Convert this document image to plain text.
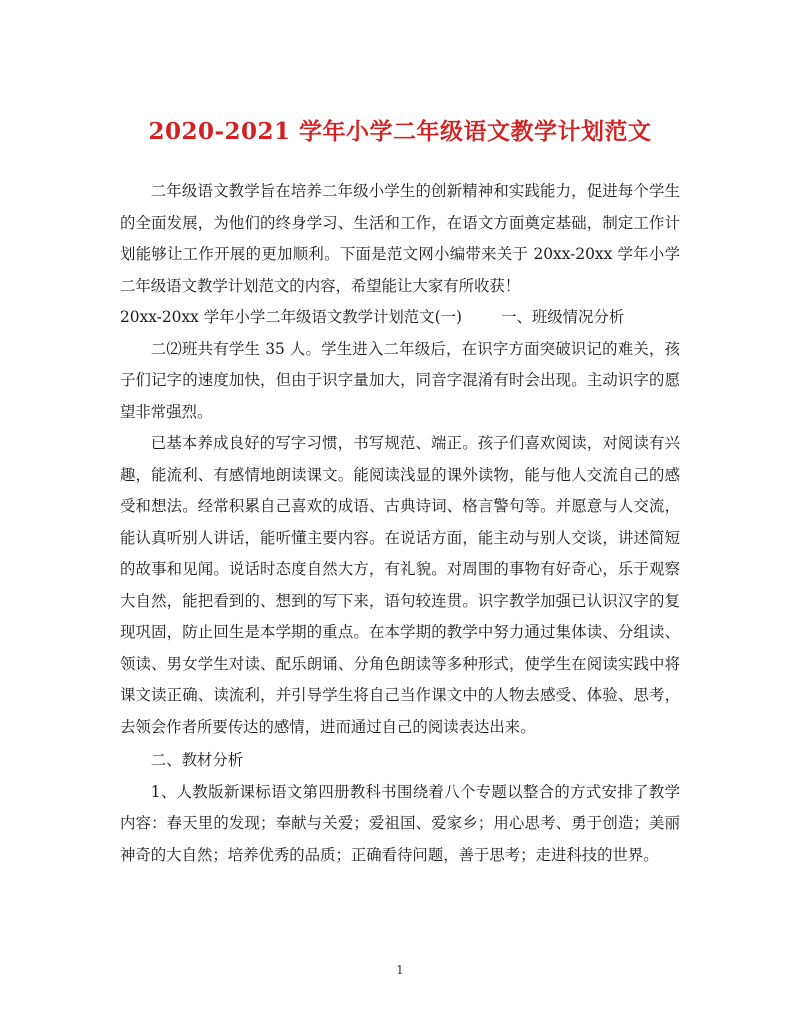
2020-2021 学年小学二年级语文教学计划范文

二年级语文教学旨在培养二年级小学生的创新精神和实践能力，促进每个学生的全面发展，为他们的终身学习、生活和工作，在语文方面奠定基础，制定工作计划能够让工作开展的更加顺利。下面是范文网小编带来关于 20xx-20xx 学年小学二年级语文教学计划范文的内容，希望能让大家有所收获！

20xx-20xx 学年小学二年级语文教学计划范文(一)        一、班级情况分析

二⑵班共有学生 35 人。学生进入二年级后，在识字方面突破识记的难关，孩子们记字的速度加快，但由于识字量加大，同音字混淆有时会出现。主动识字的愿望非常强烈。

已基本养成良好的写字习惯，书写规范、端正。孩子们喜欢阅读，对阅读有兴趣，能流利、有感情地朗读课文。能阅读浅显的课外读物，能与他人交流自己的感受和想法。经常积累自己喜欢的成语、古典诗词、格言警句等。并愿意与人交流，能认真听别人讲话，能听懂主要内容。在说话方面，能主动与别人交谈，讲述简短的故事和见闻。说话时态度自然大方，有礼貌。对周围的事物有好奇心，乐于观察大自然，能把看到的、想到的写下来，语句较连贯。识字教学加强已认识汉字的复现巩固，防止回生是本学期的重点。在本学期的教学中努力通过集体读、分组读、领读、男女学生对读、配乐朗诵、分角色朗读等多种形式，使学生在阅读实践中将课文读正确、读流利，并引导学生将自己当作课文中的人物去感受、体验、思考，去领会作者所要传达的感情，进而通过自己的阅读表达出来。

二、教材分析

1、人教版新课标语文第四册教科书围绕着八个专题以整合的方式安排了教学内容：春天里的发现；奉献与关爱；爱祖国、爱家乡；用心思考、勇于创造；美丽神奇的大自然；培养优秀的品质；正确看待问题，善于思考；走进科技的世界。

1
